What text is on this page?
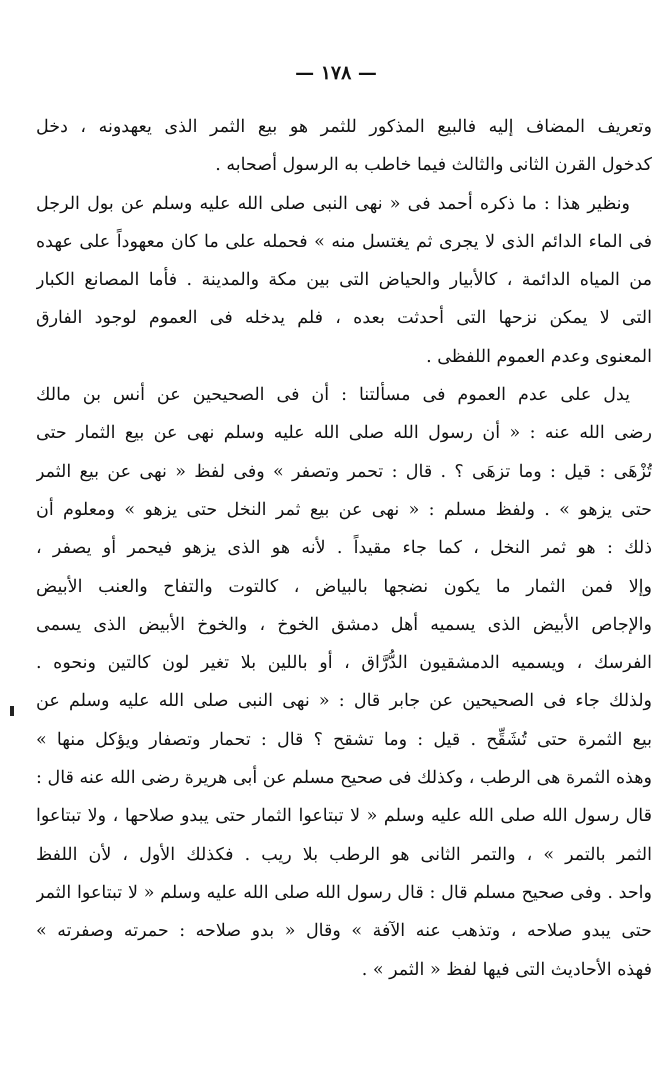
— ١٧٨ —
وتعريف المضاف إليه فالبيع المذكور للثمر هو بيع الثمر الذى يعهدونه ، دخل
كدخول القرن الثانى والثالث فيما خاطب به الرسول أصحابه .
ونظير هذا : ما ذكره أحمد فى « نهى النبى صلى الله عليه وسلم عن بول الرجل
فى الماء الدائم الذى لا يجرى ثم يغتسل منه » فحمله على ما كان معهوداً على عهده
من المياه الدائمة ، كالأبيار والحياض التى بين مكة والمدينة . فأما المصانع الكبار
التى لا يمكن نزحها التى أحدثت بعده ، فلم يدخله فى العموم لوجود الفارق
المعنوى وعدم العموم اللفظى .
يدل على عدم العموم فى مسألتنا : أن فى الصحيحين عن أنس بن مالك
رضى الله عنه : « أن رسول الله صلى الله عليه وسلم نهى عن بيع الثمار حتى
تُزْهَى : قيل : وما تزهَى ؟ . قال : تحمر وتصفر » وفى لفظ « نهى عن بيع الثمر
حتى يزهو » . ولفظ مسلم : « نهى عن بيع ثمر النخل حتى يزهو » ومعلوم أن
ذلك : هو ثمر النخل ، كما جاء مقيداً . لأنه هو الذى يزهو فيحمر أو يصفر ،
وإلا فمن الثمار ما يكون نضجها بالبياض ، كالتوت والتفاح والعنب الأبيض
والإجاص الأبيض الذى يسميه أهل دمشق الخوخ ، والخوخ الأبيض الذى يسمى
الفرسك ، ويسميه الدمشقيون الدُّرَّاق ، أو باللين بلا تغير لون كالتين ونحوه .
ولذلك جاء فى الصحيحين عن جابر قال : « نهى النبى صلى الله عليه وسلم عن
بيع الثمرة حتى تُشَقِّح . قيل : وما تشقح ؟ قال : تحمار وتصفار ويؤكل منها »
وهذه الثمرة هى الرطب ، وكذلك فى صحيح مسلم عن أبى هريرة رضى الله عنه قال :
قال رسول الله صلى الله عليه وسلم « لا تبتاعوا الثمار حتى يبدو صلاحها ، ولا تبتاعوا
الثمر بالتمر » ، والتمر الثانى هو الرطب بلا ريب . فكذلك الأول ، لأن اللفظ
واحد . وفى صحيح مسلم قال : قال رسول الله صلى الله عليه وسلم « لا تبتاعوا الثمر
حتى يبدو صلاحه ، وتذهب عنه الآفة » وقال « بدو صلاحه : حمرته وصفرته »
فهذه الأحاديث التى فيها لفظ « الثمر » .
